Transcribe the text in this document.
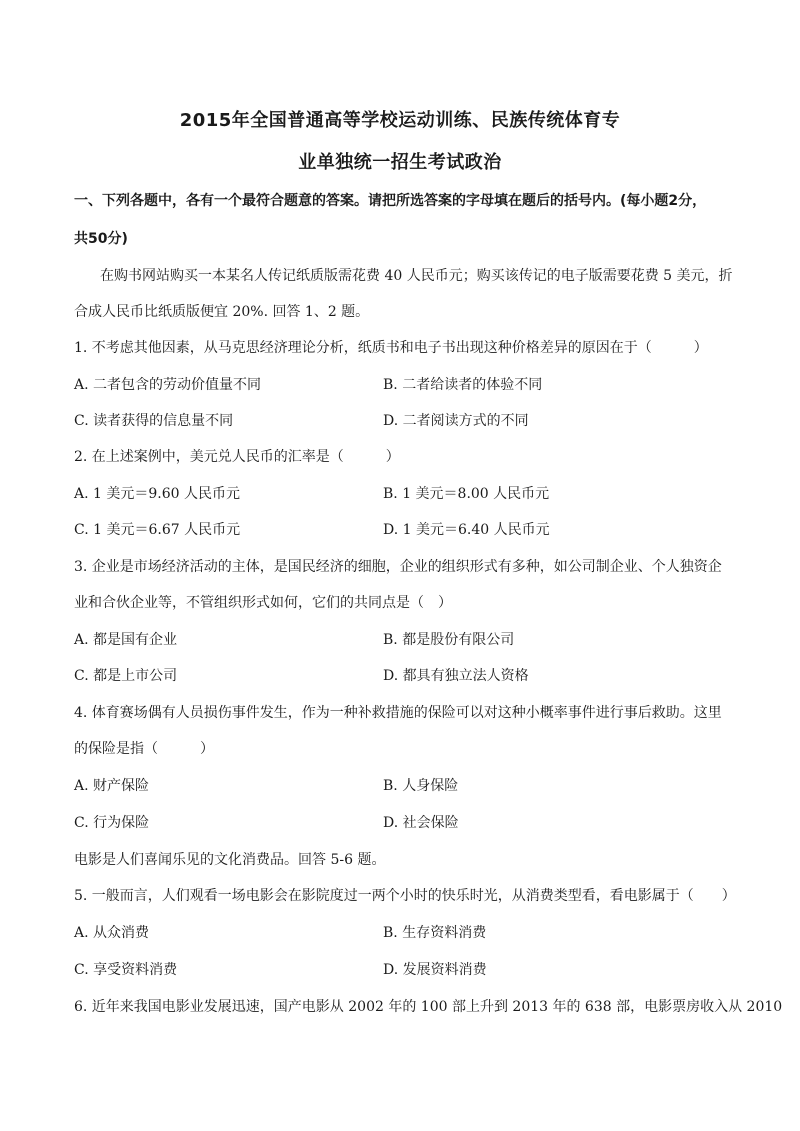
2015年全国普通高等学校运动训练、民族传统体育专
业单独统一招生考试政治
一、下列各题中，各有一个最符合题意的答案。请把所选答案的字母填在题后的括号内。(每小题2分，
共50分)
在购书网站购买一本某名人传记纸质版需花费 40 人民币元；购买该传记的电子版需要花费 5 美元，折
合成人民币比纸质版便宜 20%. 回答 1、2 题。
1. 不考虑其他因素，从马克思经济理论分析，纸质书和电子书出现这种价格差异的原因在于（　　　）
A. 二者包含的劳动价值量不同	B. 二者给读者的体验不同
C. 读者获得的信息量不同	D. 二者阅读方式的不同
2. 在上述案例中，美元兑人民币的汇率是（　　　）
A. 1 美元＝9.60 人民币元	B. 1 美元＝8.00 人民币元
C. 1 美元＝6.67 人民币元	D. 1 美元＝6.40 人民币元
3. 企业是市场经济活动的主体，是国民经济的细胞，企业的组织形式有多种，如公司制企业、个人独资企
业和合伙企业等，不管组织形式如何，它们的共同点是（　）
A. 都是国有企业	B. 都是股份有限公司
C. 都是上市公司	D. 都具有独立法人资格
4. 体育赛场偶有人员损伤事件发生，作为一种补救措施的保险可以对这种小概率事件进行事后救助。这里
的保险是指（　　　）
A. 财产保险	B. 人身保险
C. 行为保险	D. 社会保险
电影是人们喜闻乐见的文化消费品。回答 5-6 题。
5. 一般而言，人们观看一场电影会在影院度过一两个小时的快乐时光，从消费类型看，看电影属于（　　）
A. 从众消费	B. 生存资料消费
C. 享受资料消费	D. 发展资料消费
6. 近年来我国电影业发展迅速，国产电影从 2002 年的 100 部上升到 2013 年的 638 部，电影票房收入从 2010
